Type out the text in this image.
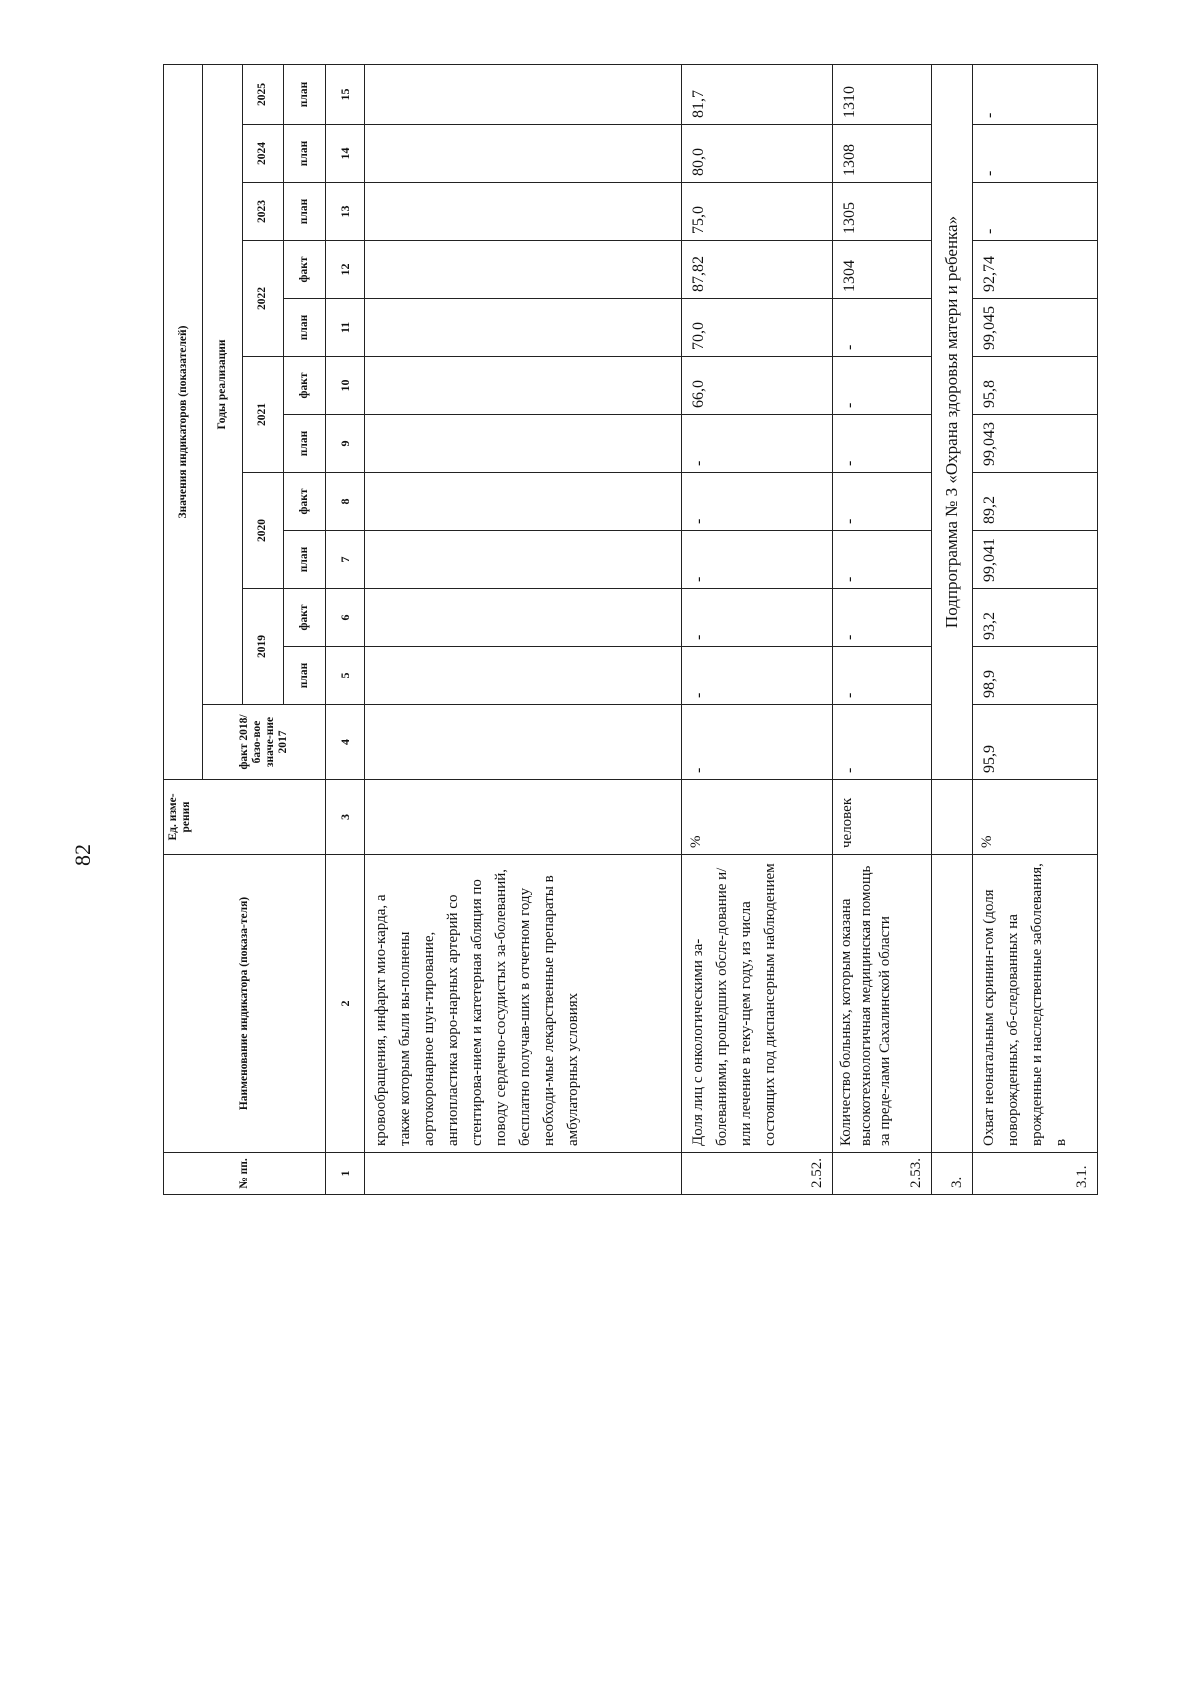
82
№ пп.	Наименование индикатора (показа-теля)	Ед. изме-рения	Значения индикаторов (показателей)											
			факт 2018/базо-вое значе-ние 2017	Годы реализации										
				2019		2020		2021		2022		2023	2024	2025
				план	факт	план	факт	план	факт	план	факт	план	план	план
1	2	3	4	5	6	7	8	9	10	11	12	13	14	15
	кровообращения, инфаркт мио-карда, а также которым были вы-полнены аортокоронарное шун-тирование, ангиопластика коро-нарных артерий со стентирова-нием и катетерная абляция по поводу сердечно-сосудистых за-болеваний, бесплатно получав-ших в отчетном году необходи-мые лекарственные препараты в амбулаторных условиях													
2.52.	Доля лиц с онкологическими за-болеваниями, прошедших обсле-дование и/или лечение в теку-щем году, из числа состоящих под диспансерным наблюдением	%	-	-	-	-	-	-	66,0	70,0	87,82	75,0	80,0	81,7
2.53.	Количество больных, которым оказана высокотехнологичная медицинская помощь за преде-лами Сахалинской области	человек	-	-	-	-	-	-	-	-	1304	1305	1308	1310
3.			Подпрограмма № 3 «Охрана здоровья матери и ребенка»											
3.1.	Охват неонатальным скринин-гом (доля новорожденных, об-следованных на врожденные и наследственные заболевания, в	%	95,9	98,9	93,2	99,041	89,2	99,043	95,8	99,045	92,74	-	-	-
